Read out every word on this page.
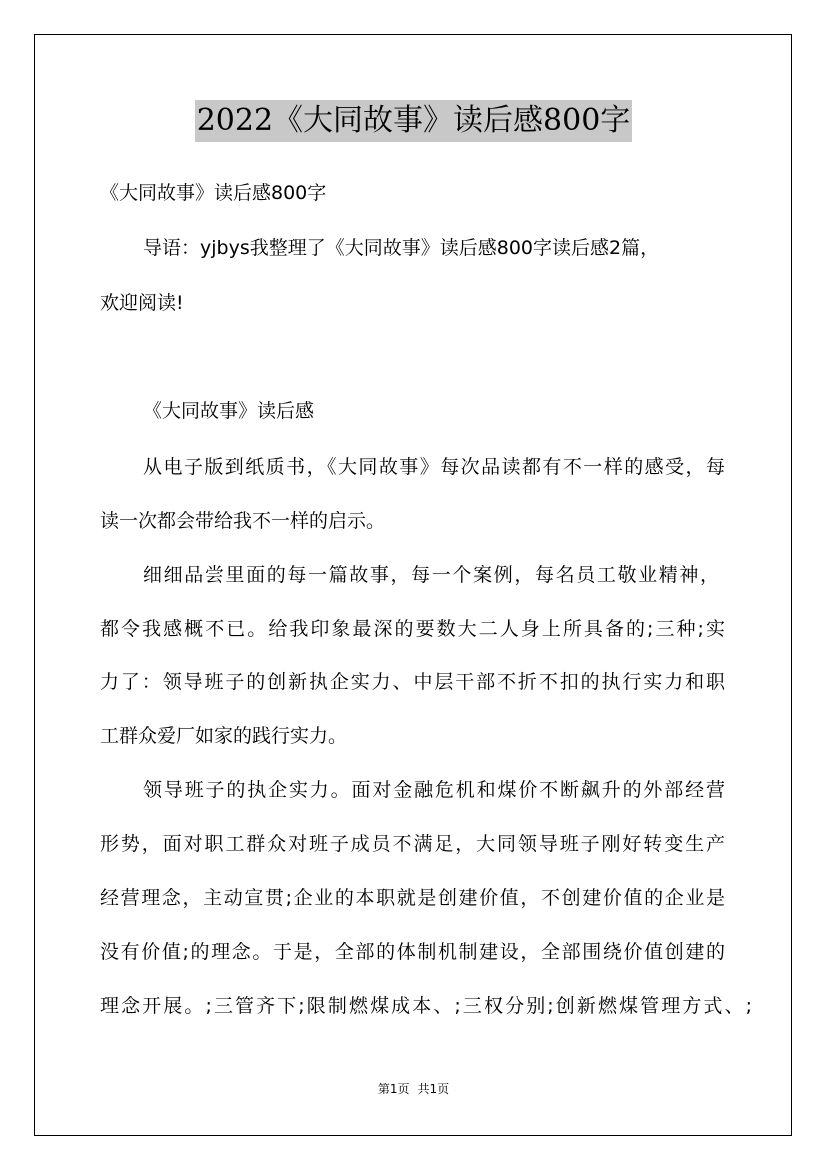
2022《大同故事》读后感800字
《大同故事》读后感800字
导语：yjbys我整理了《大同故事》读后感800字读后感2篇，
欢迎阅读!
《大同故事》读后感
从电子版到纸质书，《大同故事》每次品读都有不一样的感受，每
读一次都会带给我不一样的启示。
细细品尝里面的每一篇故事，每一个案例，每名员工敬业精神，
都令我感概不已。给我印象最深的要数大二人身上所具备的;三种;实
力了：领导班子的创新执企实力、中层干部不折不扣的执行实力和职
工群众爱厂如家的践行实力。
领导班子的执企实力。面对金融危机和煤价不断飙升的外部经营
形势，面对职工群众对班子成员不满足，大同领导班子刚好转变生产
经营理念，主动宣贯;企业的本职就是创建价值，不创建价值的企业是
没有价值;的理念。于是，全部的体制机制建设，全部围绕价值创建的
理念开展。;三管齐下;限制燃煤成本、;三权分别;创新燃煤管理方式、;
第1页 共1页
